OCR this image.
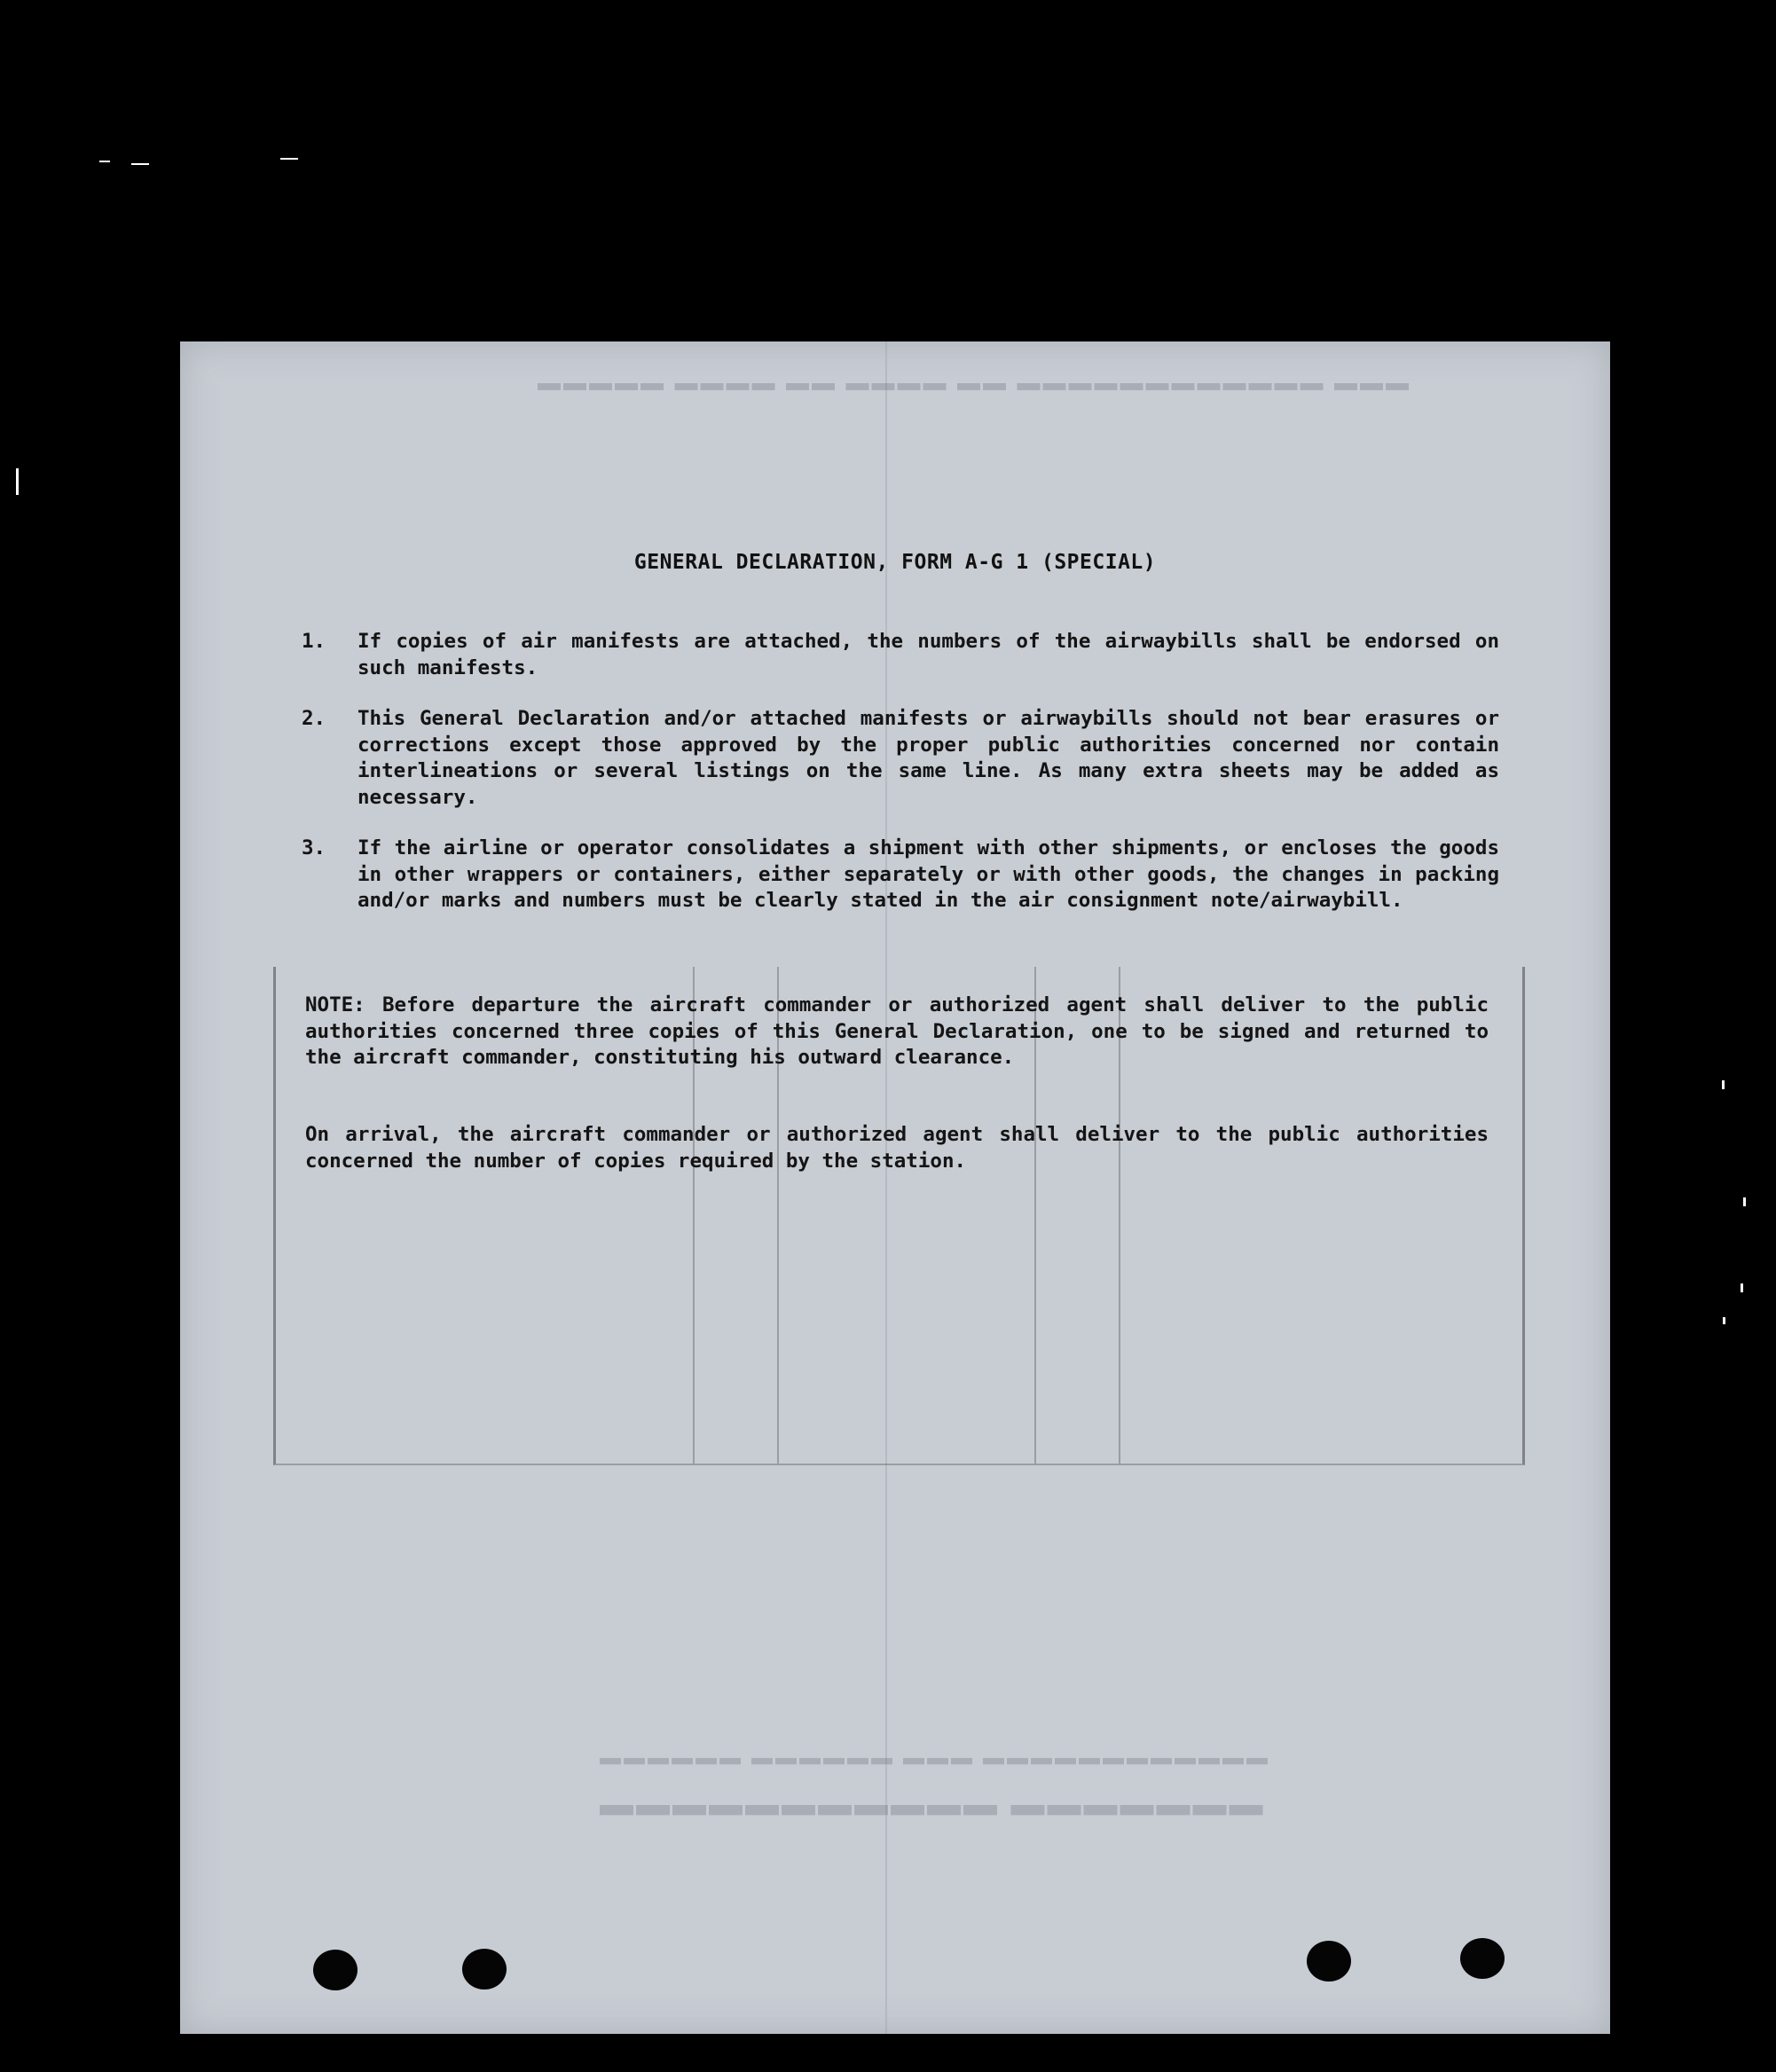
▬▬▬ ▬▬▬▬▬▬▬▬▬▬▬▬ ▬▬ ▬▬▬▬ ▬▬ ▬▬▬▬ ▬▬▬▬▬
▬▬▬▬▬▬▬ ▬▬▬▬▬▬▬▬▬▬▬
▬▬▬▬▬▬▬▬▬▬▬▬ ▬▬▬ ▬▬▬▬▬▬ ▬▬▬▬▬▬
GENERAL DECLARATION, FORM A-G 1 (SPECIAL)
1. If copies of air manifests are attached, the numbers of the airwaybills shall be endorsed on such manifests.
2. This General Declaration and/or attached manifests or airwaybills should not bear erasures or corrections except those approved by the proper public authorities concerned nor contain interlineations or several listings on the same line. As many extra sheets may be added as necessary.
3. If the airline or operator consolidates a shipment with other shipments, or encloses the goods in other wrappers or containers, either separately or with other goods, the changes in packing and/or marks and numbers must be clearly stated in the air consignment note/airwaybill.
NOTE: Before departure the aircraft commander or authorized agent shall deliver to the public authorities concerned three copies of this General Declaration, one to be signed and returned to the aircraft commander, constituting his outward clearance.
On arrival, the aircraft commander or authorized agent shall deliver to the public authorities concerned the number of copies required by the station.
